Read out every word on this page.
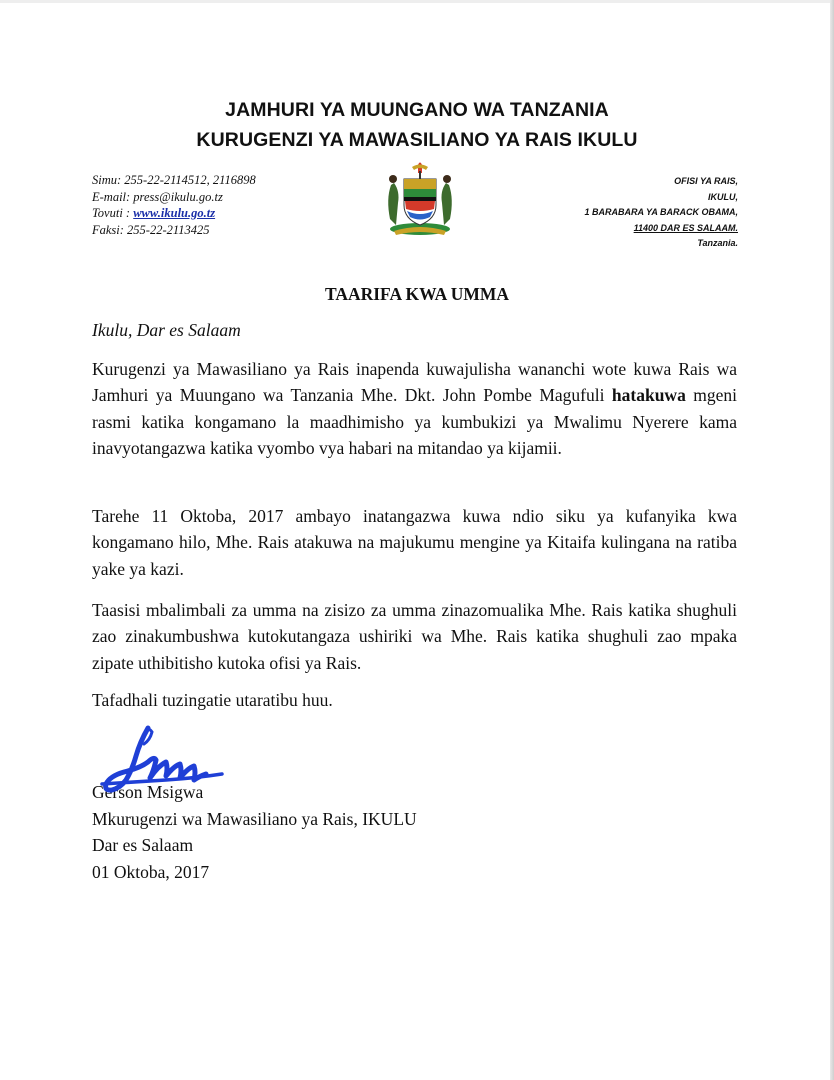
JAMHURI YA MUUNGANO WA TANZANIA
KURUGENZI YA MAWASILIANO YA RAIS IKULU
Simu: 255-22-2114512, 2116898
E-mail: press@ikulu.go.tz
Tovuti : www.ikulu.go.tz
Faksi: 255-22-2113425
OFISI YA RAIS,
IKULU,
1 BARABARA YA BARACK OBAMA,
11400 DAR ES SALAAM.
Tanzania.
TAARIFA KWA UMMA
Ikulu, Dar es Salaam
Kurugenzi ya Mawasiliano ya Rais inapenda kuwajulisha wananchi wote kuwa Rais wa Jamhuri ya Muungano wa Tanzania Mhe. Dkt. John Pombe Magufuli hatakuwa mgeni rasmi katika kongamano la maadhimisho ya kumbukizi ya Mwalimu Nyerere kama inavyotangazwa katika vyombo vya habari na mitandao ya kijamii.
Tarehe 11 Oktoba, 2017 ambayo inatangazwa kuwa ndio siku ya kufanyika kwa kongamano hilo, Mhe. Rais atakuwa na majukumu mengine ya Kitaifa kulingana na ratiba yake ya kazi.
Taasisi mbalimbali za umma na zisizo za umma zinazomualika Mhe. Rais katika shughuli zao zinakumbushwa kutokutangaza ushiriki wa Mhe. Rais katika shughuli zao mpaka zipate uthibitisho kutoka ofisi ya Rais.
Tafadhali tuzingatie utaratibu huu.
Gerson Msigwa
Mkurugenzi wa Mawasiliano ya Rais, IKULU
Dar es Salaam
01 Oktoba, 2017
